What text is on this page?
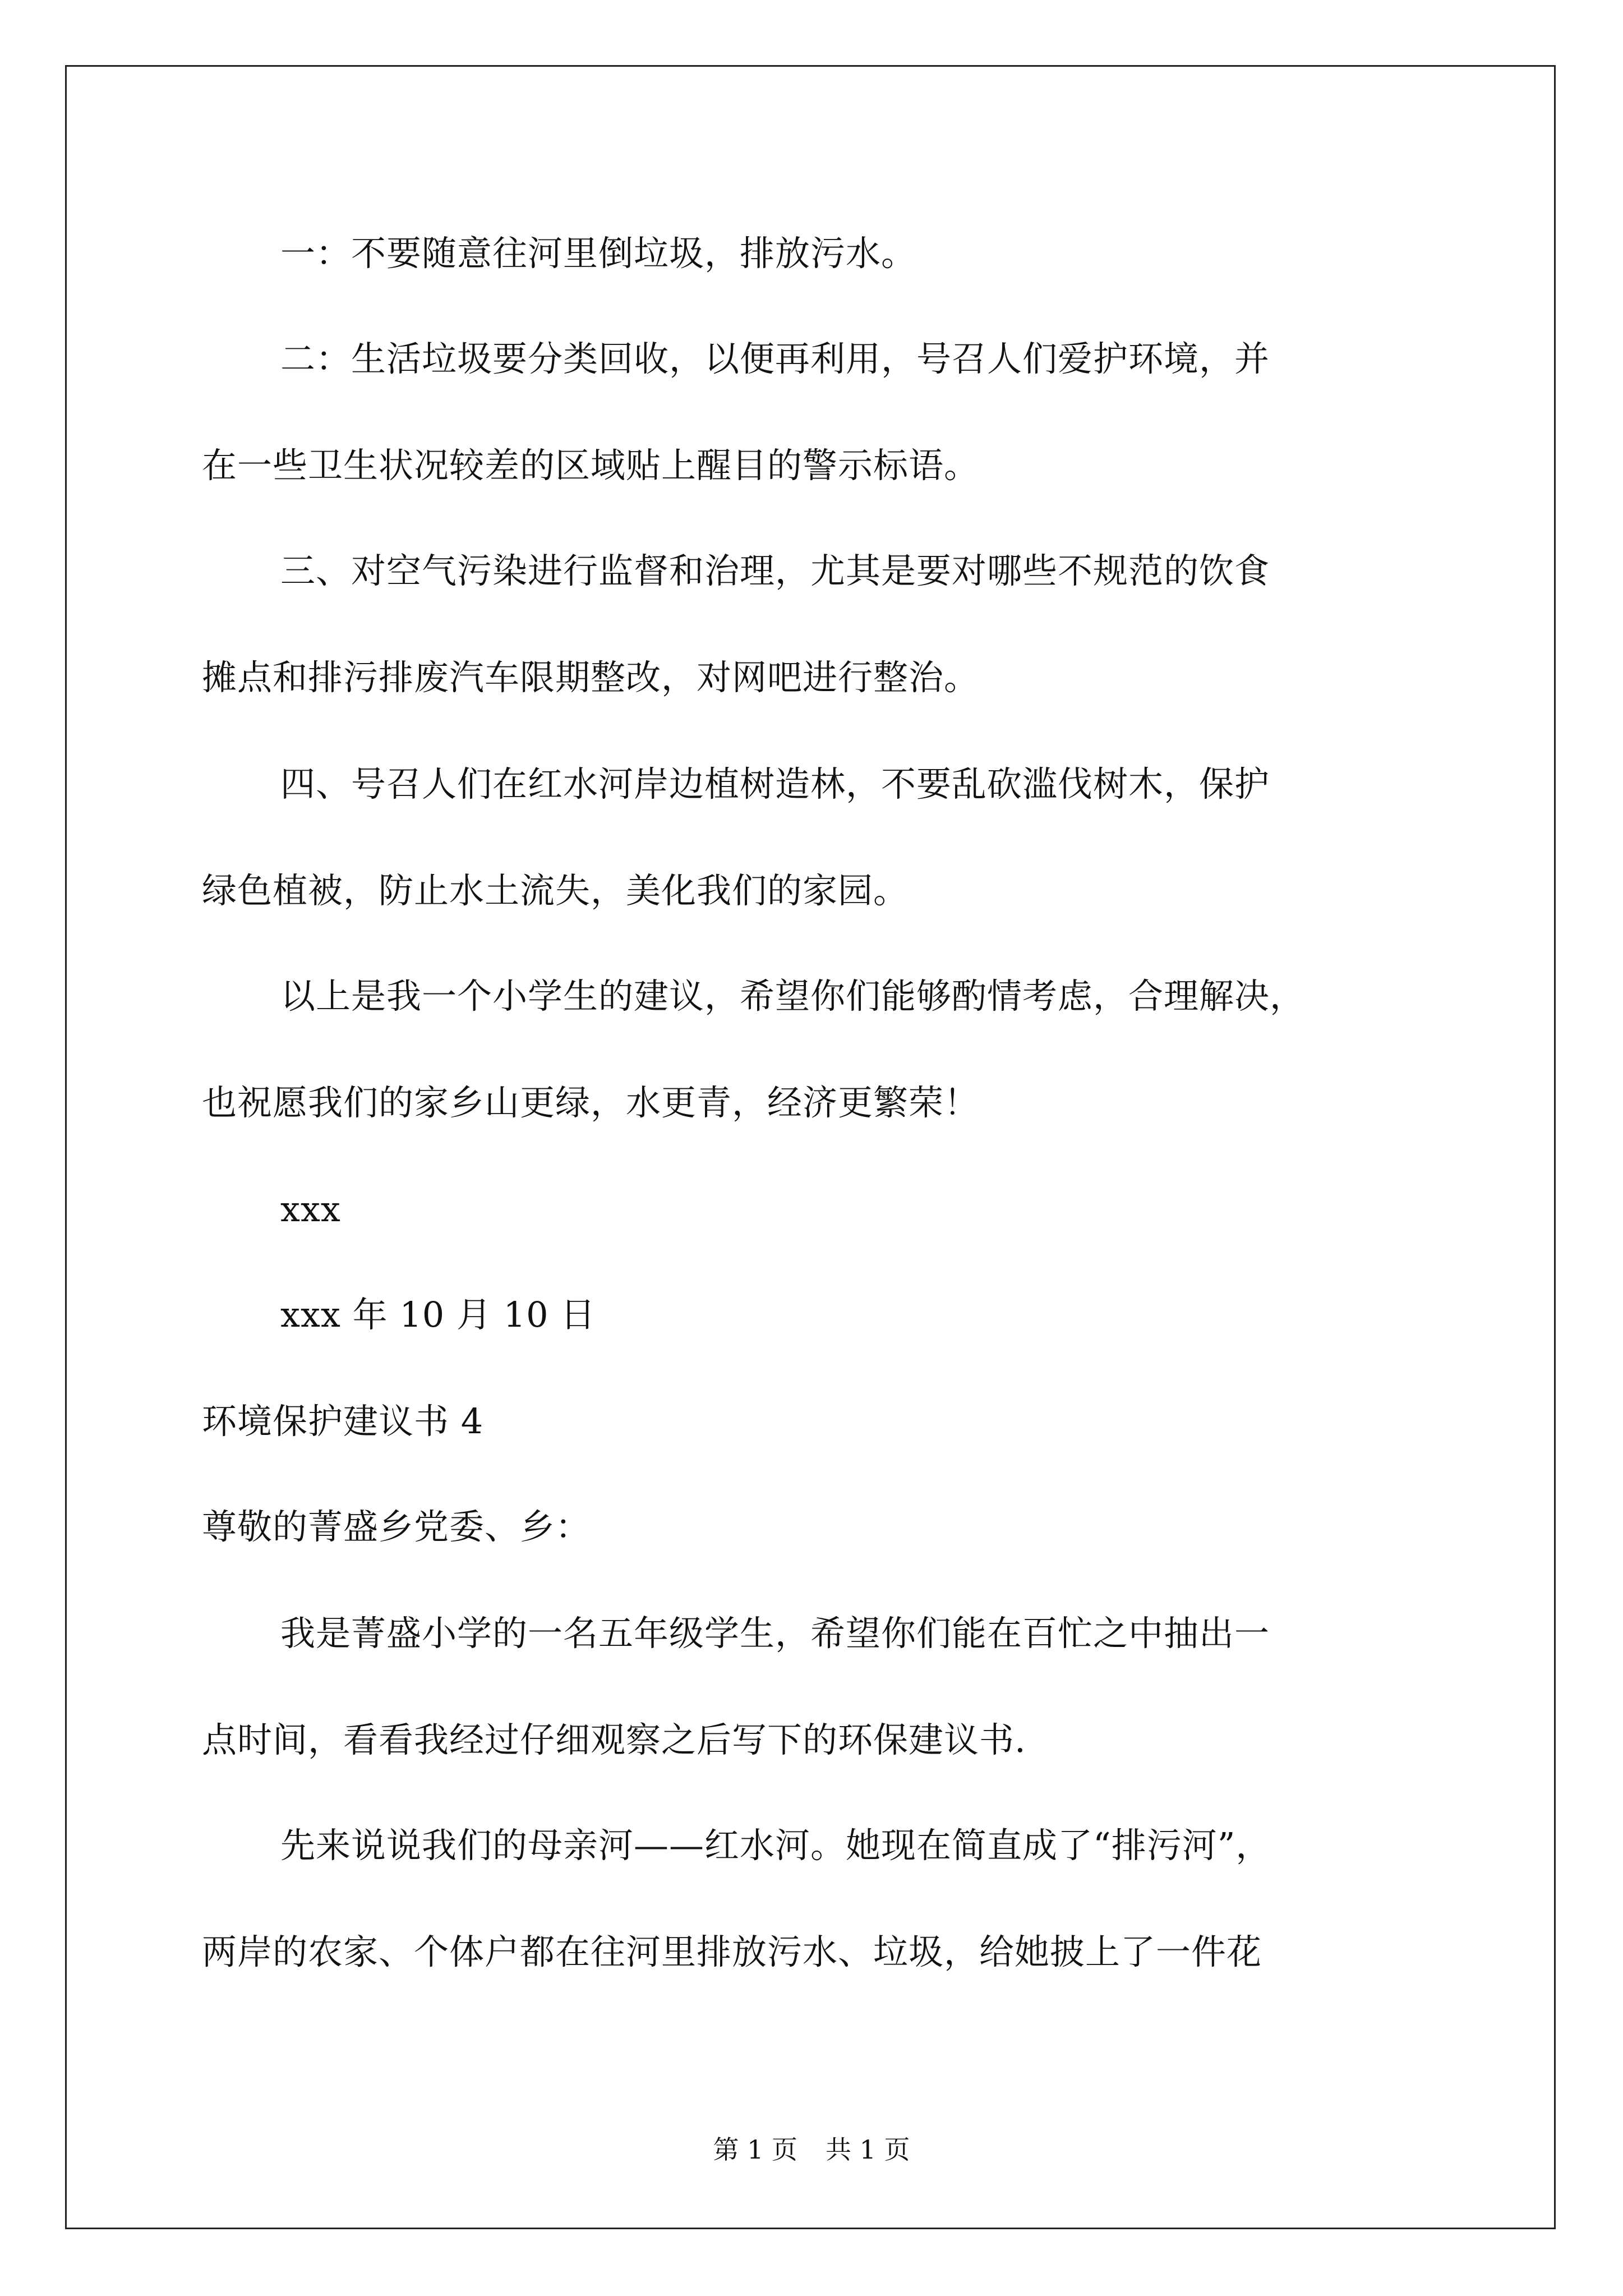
一：不要随意往河里倒垃圾，排放污水。
二：生活垃圾要分类回收，以便再利用，号召人们爱护环境，并
在一些卫生状况较差的区域贴上醒目的警示标语。
三、对空气污染进行监督和治理，尤其是要对哪些不规范的饮食
摊点和排污排废汽车限期整改，对网吧进行整治。
四、号召人们在红水河岸边植树造林，不要乱砍滥伐树木，保护
绿色植被，防止水土流失，美化我们的家园。
以上是我一个小学生的建议，希望你们能够酌情考虑，合理解决，
也祝愿我们的家乡山更绿，水更青，经济更繁荣！
xxx
xxx 年 10 月 10 日
环境保护建议书 4
尊敬的菁盛乡党委、乡：
我是菁盛小学的一名五年级学生，希望你们能在百忙之中抽出一
点时间，看看我经过仔细观察之后写下的环保建议书.
先来说说我们的母亲河——红水河。她现在简直成了“排污河”，
两岸的农家、个体户都在往河里排放污水、垃圾，给她披上了一件花
第 1 页 共 1 页
